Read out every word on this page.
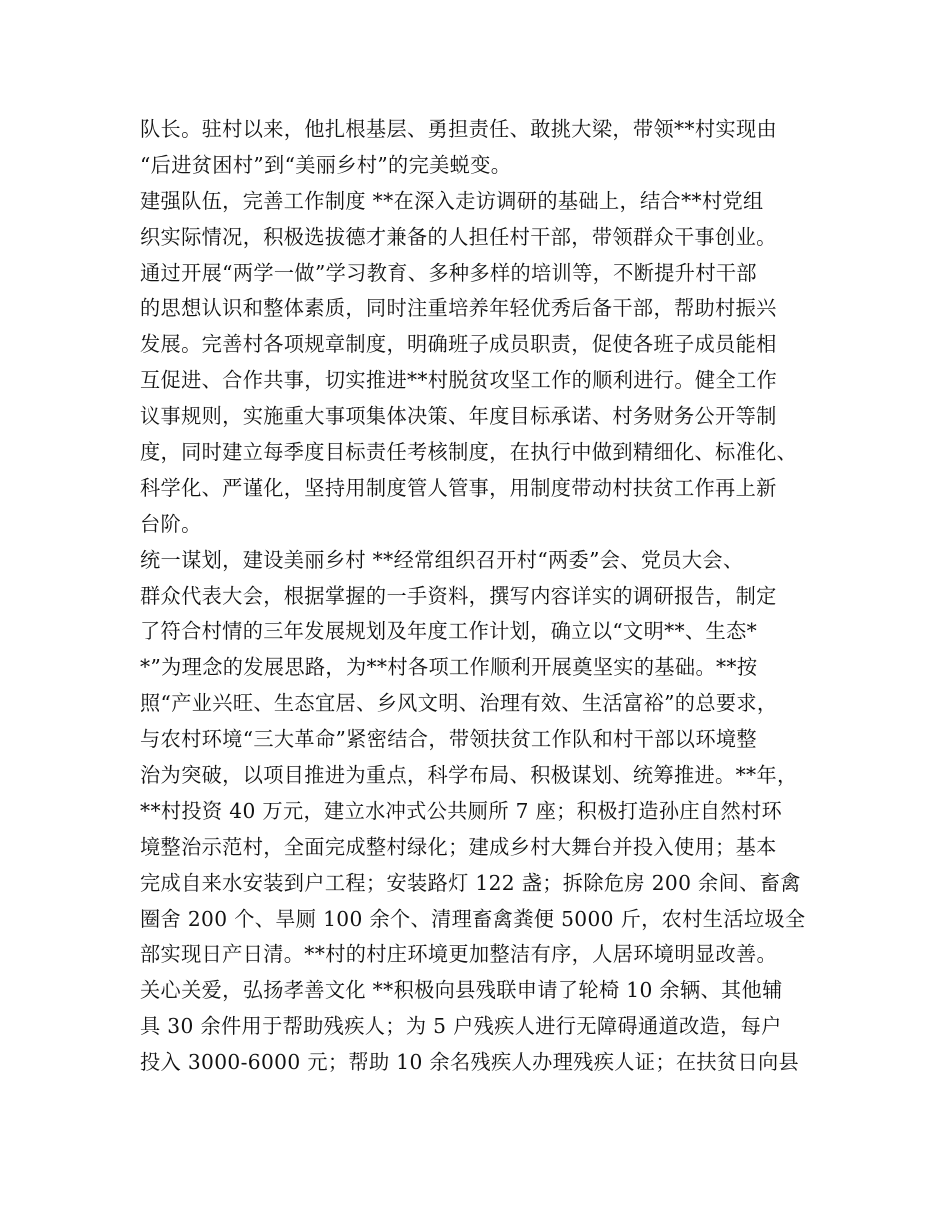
队长。驻村以来，他扎根基层、勇担责任、敢挑大梁，带领**村实现由
“后进贫困村”到“美丽乡村”的完美蜕变。
建强队伍，完善工作制度 **在深入走访调研的基础上，结合**村党组
织实际情况，积极选拔德才兼备的人担任村干部，带领群众干事创业。
通过开展“两学一做”学习教育、多种多样的培训等，不断提升村干部
的思想认识和整体素质，同时注重培养年轻优秀后备干部，帮助村振兴
发展。完善村各项规章制度，明确班子成员职责，促使各班子成员能相
互促进、合作共事，切实推进**村脱贫攻坚工作的顺利进行。健全工作
议事规则，实施重大事项集体决策、年度目标承诺、村务财务公开等制
度，同时建立每季度目标责任考核制度，在执行中做到精细化、标准化、
科学化、严谨化，坚持用制度管人管事，用制度带动村扶贫工作再上新
台阶。
统一谋划，建设美丽乡村 **经常组织召开村“两委”会、党员大会、
群众代表大会，根据掌握的一手资料，撰写内容详实的调研报告，制定
了符合村情的三年发展规划及年度工作计划，确立以“文明**、生态*
*”为理念的发展思路，为**村各项工作顺利开展奠坚实的基础。**按
照“产业兴旺、生态宜居、乡风文明、治理有效、生活富裕”的总要求，
与农村环境“三大革命”紧密结合，带领扶贫工作队和村干部以环境整
治为突破，以项目推进为重点，科学布局、积极谋划、统筹推进。**年，
**村投资 40 万元，建立水冲式公共厕所 7 座；积极打造孙庄自然村环
境整治示范村，全面完成整村绿化；建成乡村大舞台并投入使用；基本
完成自来水安装到户工程；安装路灯 122 盏；拆除危房 200 余间、畜禽
圈舍 200 个、旱厕 100 余个、清理畜禽粪便 5000 斤，农村生活垃圾全
部实现日产日清。**村的村庄环境更加整洁有序，人居环境明显改善。
关心关爱，弘扬孝善文化 **积极向县残联申请了轮椅 10 余辆、其他辅
具 30 余件用于帮助残疾人；为 5 户残疾人进行无障碍通道改造，每户
投入 3000-6000 元；帮助 10 余名残疾人办理残疾人证；在扶贫日向县
